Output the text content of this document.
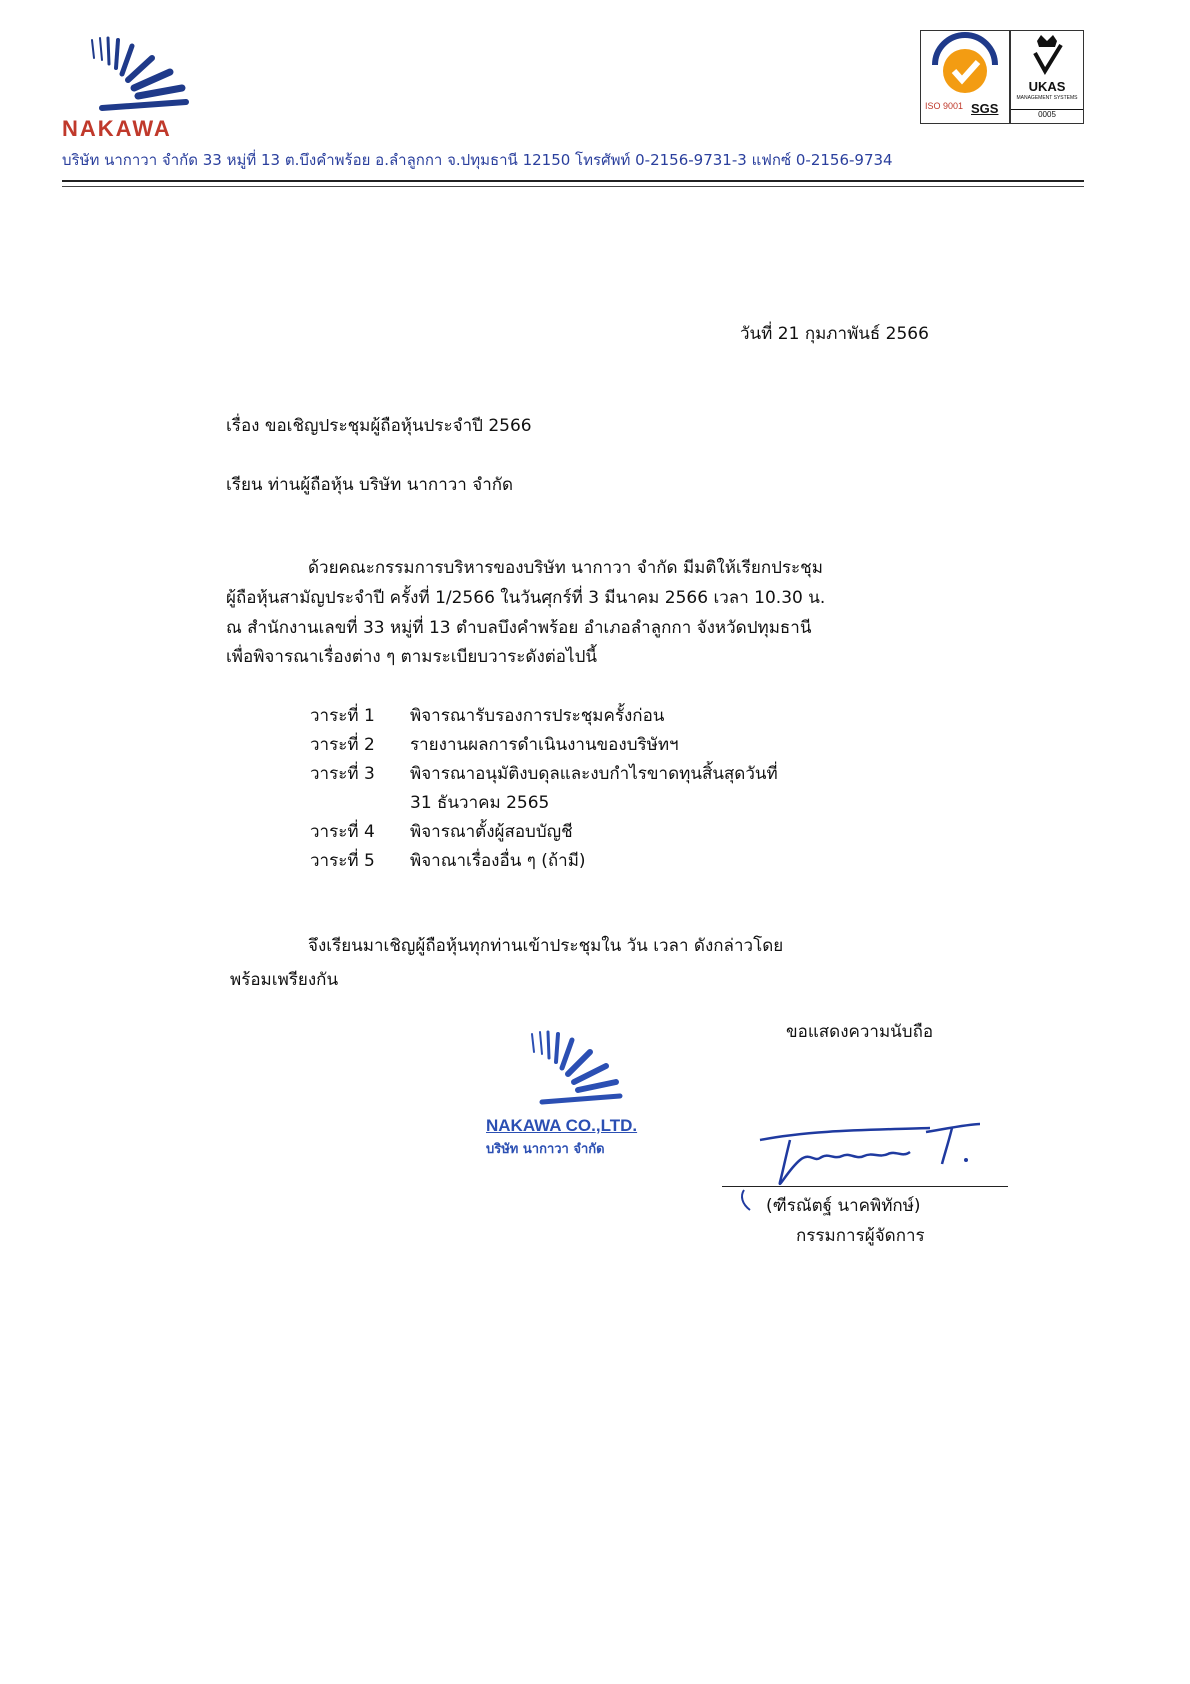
NAKAWA
ISO 9001 SGS
UKAS
MANAGEMENT SYSTEMS
0005
บริษัท นากาวา จำกัด 33 หมู่ที่ 13 ต.บึงคำพร้อย อ.ลำลูกกา จ.ปทุมธานี 12150 โทรศัพท์ 0-2156-9731-3 แฟกซ์ 0-2156-9734
วันที่ 21 กุมภาพันธ์ 2566
เรื่อง ขอเชิญประชุมผู้ถือหุ้นประจำปี 2566
เรียน ท่านผู้ถือหุ้น บริษัท นากาวา จำกัด
ด้วยคณะกรรมการบริหารของบริษัท นากาวา จำกัด มีมติให้เรียกประชุม
ผู้ถือหุ้นสามัญประจำปี ครั้งที่ 1/2566 ในวันศุกร์ที่ 3 มีนาคม 2566 เวลา 10.30 น.
ณ สำนักงานเลขที่ 33 หมู่ที่ 13 ตำบลบึงคำพร้อย อำเภอลำลูกกา จังหวัดปทุมธานี
เพื่อพิจารณาเรื่องต่าง ๆ ตามระเบียบวาระดังต่อไปนี้
วาระที่ 1 พิจารณารับรองการประชุมครั้งก่อน
วาระที่ 2 รายงานผลการดำเนินงานของบริษัทฯ
วาระที่ 3 พิจารณาอนุมัติงบดุลและงบกำไรขาดทุนสิ้นสุดวันที่
31 ธันวาคม 2565
วาระที่ 4 พิจารณาตั้งผู้สอบบัญชี
วาระที่ 5 พิจาณาเรื่องอื่น ๆ (ถ้ามี)
จึงเรียนมาเชิญผู้ถือหุ้นทุกท่านเข้าประชุมใน วัน เวลา ดังกล่าวโดย
พร้อมเพรียงกัน
ขอแสดงความนับถือ
NAKAWA CO.,LTD.
บริษัท นากาวา จำกัด
(ฑีรณัตฐ์ นาคพิทักษ์)
กรรมการผู้จัดการ
